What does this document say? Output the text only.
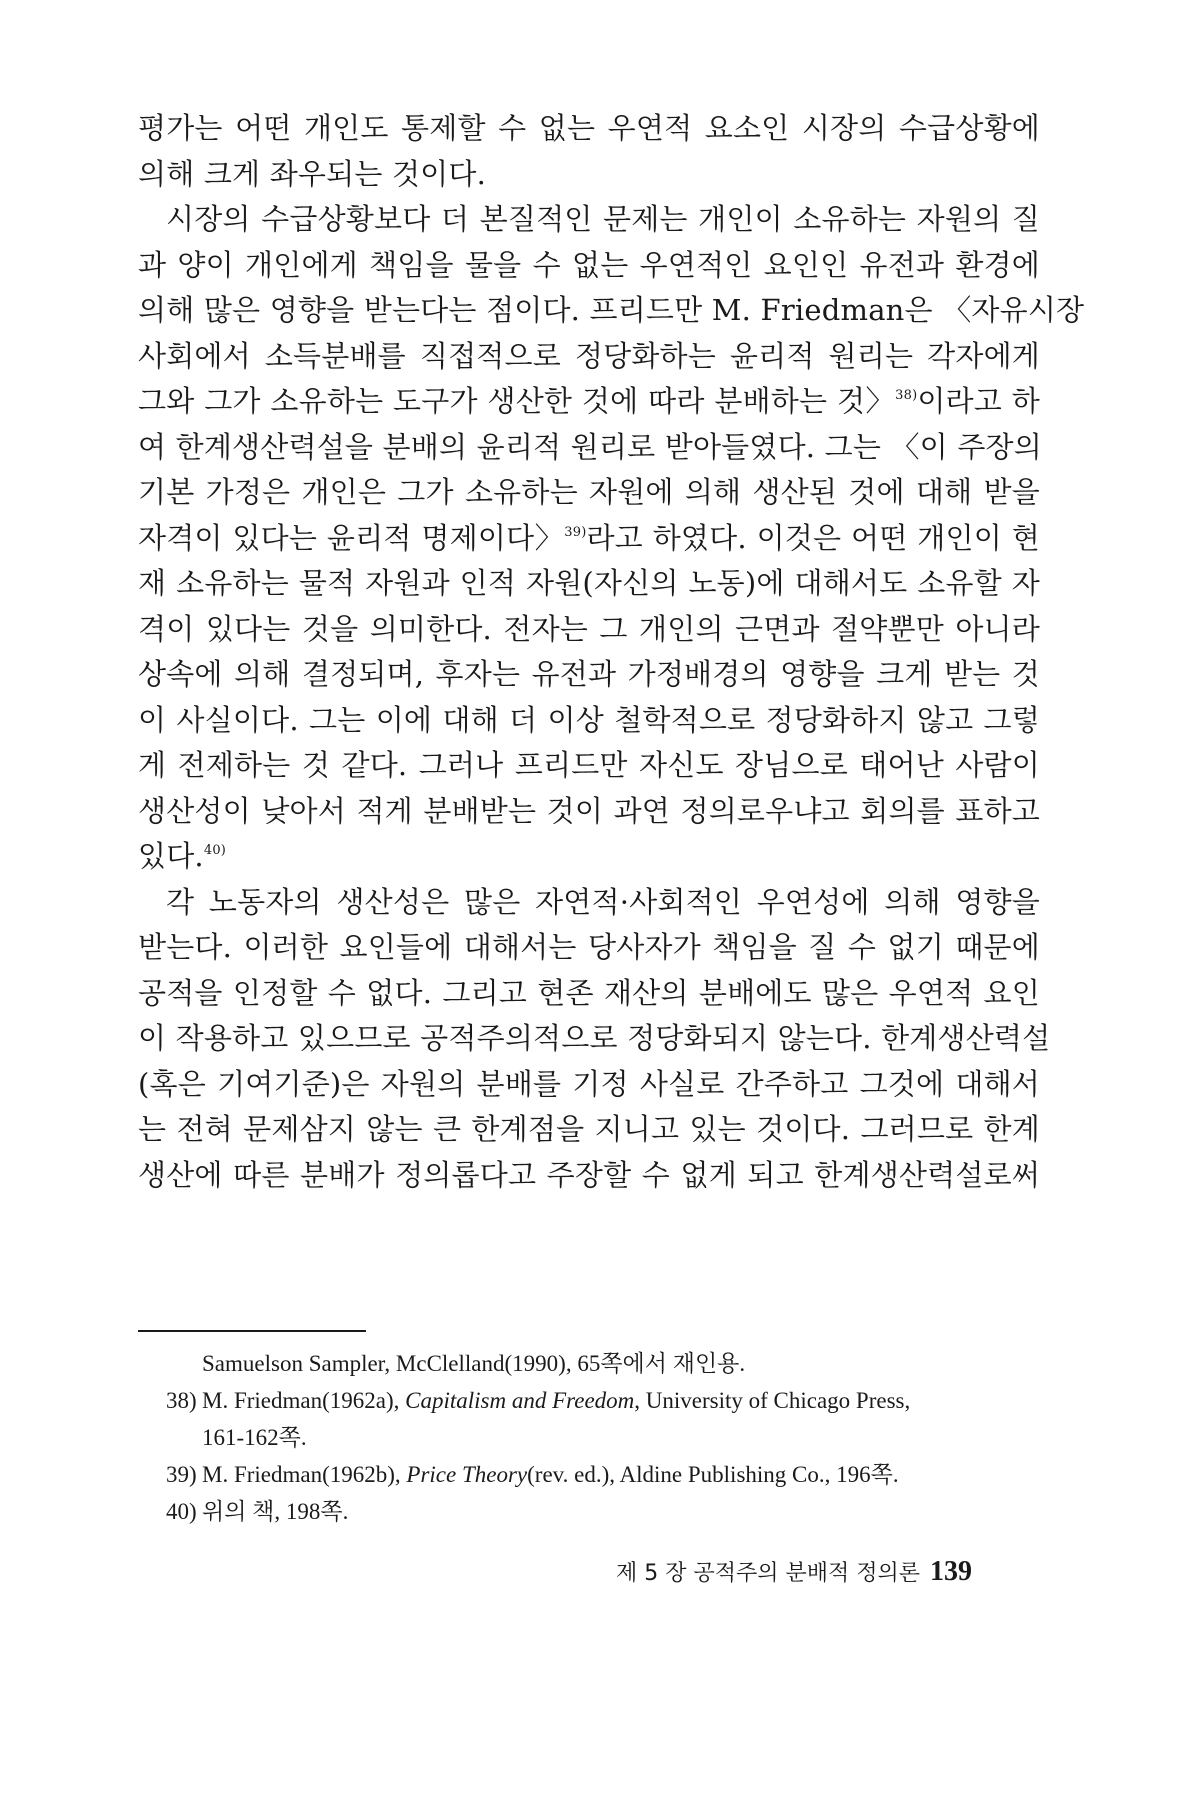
평가는 어떤 개인도 통제할 수 없는 우연적 요소인 시장의 수급상황에
의해 크게 좌우되는 것이다.
시장의 수급상황보다 더 본질적인 문제는 개인이 소유하는 자원의 질
과 양이 개인에게 책임을 물을 수 없는 우연적인 요인인 유전과 환경에
의해 많은 영향을 받는다는 점이다. 프리드만 M. Friedman은 〈자유시장
사회에서 소득분배를 직접적으로 정당화하는 윤리적 원리는 각자에게
그와 그가 소유하는 도구가 생산한 것에 따라 분배하는 것〉$^{38)}$이라고 하
여 한계생산력설을 분배의 윤리적 원리로 받아들였다. 그는 〈이 주장의
기본 가정은 개인은 그가 소유하는 자원에 의해 생산된 것에 대해 받을
자격이 있다는 윤리적 명제이다〉$^{39)}$라고 하였다. 이것은 어떤 개인이 현
재 소유하는 물적 자원과 인적 자원(자신의 노동)에 대해서도 소유할 자
격이 있다는 것을 의미한다. 전자는 그 개인의 근면과 절약뿐만 아니라
상속에 의해 결정되며, 후자는 유전과 가정배경의 영향을 크게 받는 것
이 사실이다. 그는 이에 대해 더 이상 철학적으로 정당화하지 않고 그렇
게 전제하는 것 같다. 그러나 프리드만 자신도 장님으로 태어난 사람이
생산성이 낮아서 적게 분배받는 것이 과연 정의로우냐고 회의를 표하고
있다.$^{40)}$
각 노동자의 생산성은 많은 자연적·사회적인 우연성에 의해 영향을
받는다. 이러한 요인들에 대해서는 당사자가 책임을 질 수 없기 때문에
공적을 인정할 수 없다. 그리고 현존 재산의 분배에도 많은 우연적 요인
이 작용하고 있으므로 공적주의적으로 정당화되지 않는다. 한계생산력설
(혹은 기여기준)은 자원의 분배를 기정 사실로 간주하고 그것에 대해서
는 전혀 문제삼지 않는 큰 한계점을 지니고 있는 것이다. 그러므로 한계
생산에 따른 분배가 정의롭다고 주장할 수 없게 되고 한계생산력설로써
Samuelson Sampler, McClelland(1990), 65쪽에서 재인용.
38) M. Friedman(1962a), Capitalism and Freedom, University of Chicago Press,
161-162쪽.
39) M. Friedman(1962b), Price Theory(rev. ed.), Aldine Publishing Co., 196쪽.
40) 위의 책, 198쪽.
제 5 장 공적주의 분배적 정의론 139
